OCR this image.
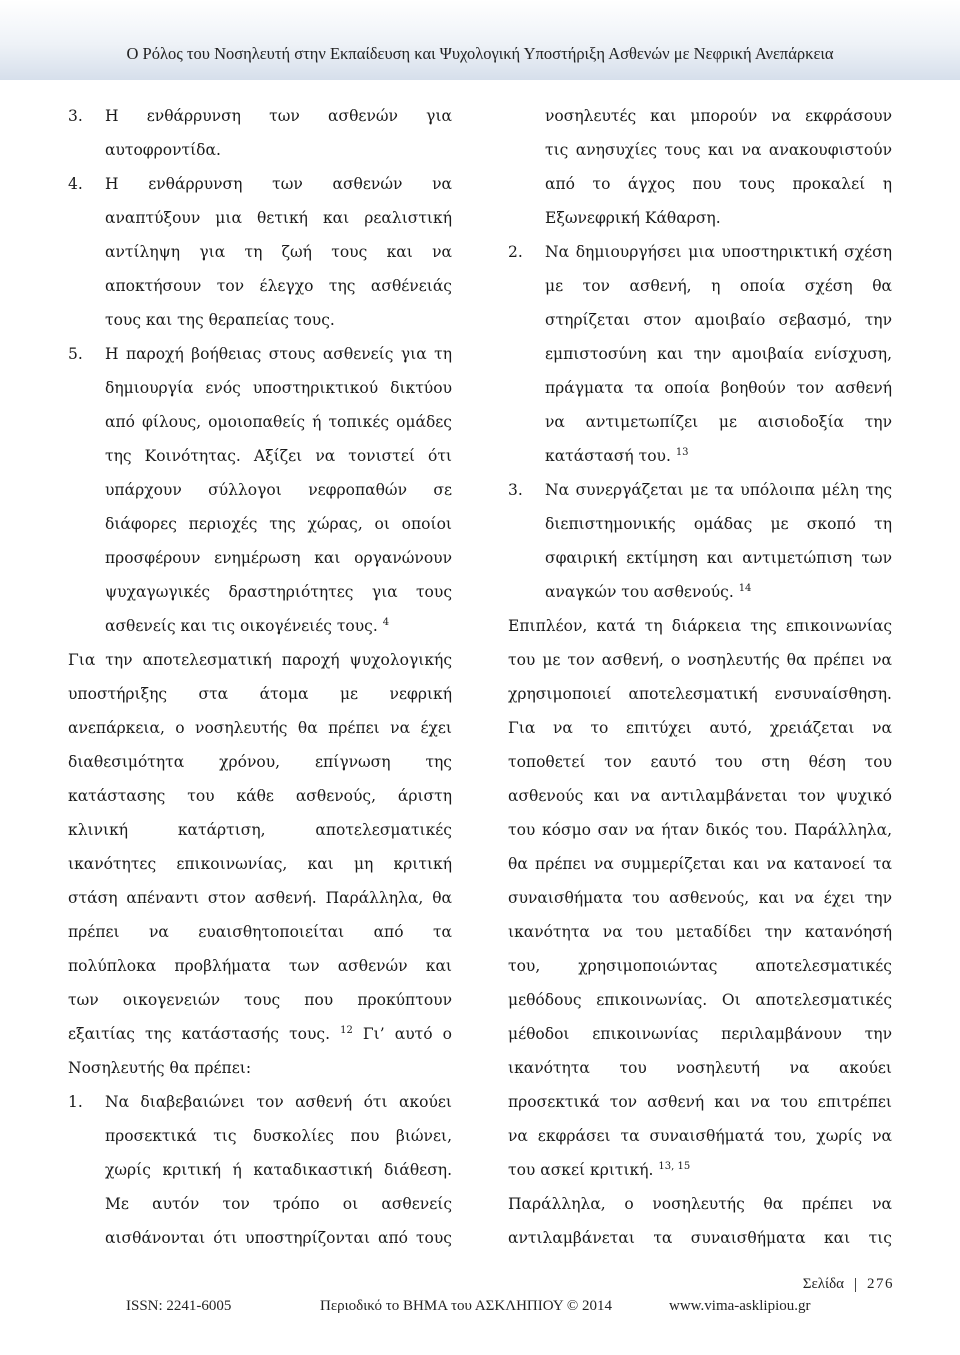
Ο Ρόλος του Νοσηλευτή στην Εκπαίδευση και Ψυχολογική Υποστήριξη Ασθενών με Νεφρική Ανεπάρκεια
3. Η ενθάρρυνση των ασθενών για
αυτοφροντίδα.
4. Η ενθάρρυνση των ασθενών να
αναπτύξουν μια θετική και ρεαλιστική
αντίληψη για τη ζωή τους και να
αποκτήσουν τον έλεγχο της ασθένειάς
τους και της θεραπείας τους.
5. Η παροχή βοήθειας στους ασθενείς για τη
δημιουργία ενός υποστηρικτικού δικτύου
από φίλους, ομοιοπαθείς ή τοπικές ομάδες
της Κοινότητας. Αξίζει να τονιστεί ότι
υπάρχουν σύλλογοι νεφροπαθών σε
διάφορες περιοχές της χώρας, οι οποίοι
προσφέρουν ενημέρωση και οργανώνουν
ψυχαγωγικές δραστηριότητες για τους
ασθενείς και τις οικογένειές τους. $^4$
Για την αποτελεσματική παροχή ψυχολογικής
υποστήριξης στα άτομα με νεφρική
ανεπάρκεια, ο νοσηλευτής θα πρέπει να έχει
διαθεσιμότητα χρόνου, επίγνωση της
κατάστασης του κάθε ασθενούς, άριστη
κλινική κατάρτιση, αποτελεσματικές
ικανότητες επικοινωνίας, και μη κριτική
στάση απέναντι στον ασθενή. Παράλληλα, θα
πρέπει να ευαισθητοποιείται από τα
πολύπλοκα προβλήματα των ασθενών και
των οικογενειών τους που προκύπτουν
εξαιτίας της κατάστασής τους. $^{12}$ Γι’ αυτό ο
Νοσηλευτής θα πρέπει:
1. Να διαβεβαιώνει τον ασθενή ότι ακούει
προσεκτικά τις δυσκολίες που βιώνει,
χωρίς κριτική ή καταδικαστική διάθεση.
Με αυτόν τον τρόπο οι ασθενείς
αισθάνονται ότι υποστηρίζονται από τους
νοσηλευτές και μπορούν να εκφράσουν
τις ανησυχίες τους και να ανακουφιστούν
από το άγχος που τους προκαλεί η
Εξωνεφρική Κάθαρση.
2. Να δημιουργήσει μια υποστηρικτική σχέση
με τον ασθενή, η οποία σχέση θα
στηρίζεται στον αμοιβαίο σεβασμό, την
εμπιστοσύνη και την αμοιβαία ενίσχυση,
πράγματα τα οποία βοηθούν τον ασθενή
να αντιμετωπίζει με αισιοδοξία την
κατάστασή του. $^{13}$
3. Να συνεργάζεται με τα υπόλοιπα μέλη της
διεπιστημονικής ομάδας με σκοπό τη
σφαιρική εκτίμηση και αντιμετώπιση των
αναγκών του ασθενούς. $^{14}$
Επιπλέον, κατά τη διάρκεια της επικοινωνίας
του με τον ασθενή, ο νοσηλευτής θα πρέπει να
χρησιμοποιεί αποτελεσματική ενσυναίσθηση.
Για να το επιτύχει αυτό, χρειάζεται να
τοποθετεί τον εαυτό του στη θέση του
ασθενούς και να αντιλαμβάνεται τον ψυχικό
του κόσμο σαν να ήταν δικός του. Παράλληλα,
θα πρέπει να συμμερίζεται και να κατανοεί τα
συναισθήματα του ασθενούς, και να έχει την
ικανότητα να του μεταδίδει την κατανόησή
του, χρησιμοποιώντας αποτελεσματικές
μεθόδους επικοινωνίας. Οι αποτελεσματικές
μέθοδοι επικοινωνίας περιλαμβάνουν την
ικανότητα του νοσηλευτή να ακούει
προσεκτικά τον ασθενή και να του επιτρέπει
να εκφράσει τα συναισθήματά του, χωρίς να
του ασκεί κριτική. $^{13, 15}$
Παράλληλα, ο νοσηλευτής θα πρέπει να
αντιλαμβάνεται τα συναισθήματα και τις
Σελίδα 276
ISSN: 2241-6005	Περιοδικό το ΒΗΜΑ του ΑΣΚΛΗΠΙΟΥ © 2014	www.vima-asklipiou.gr
